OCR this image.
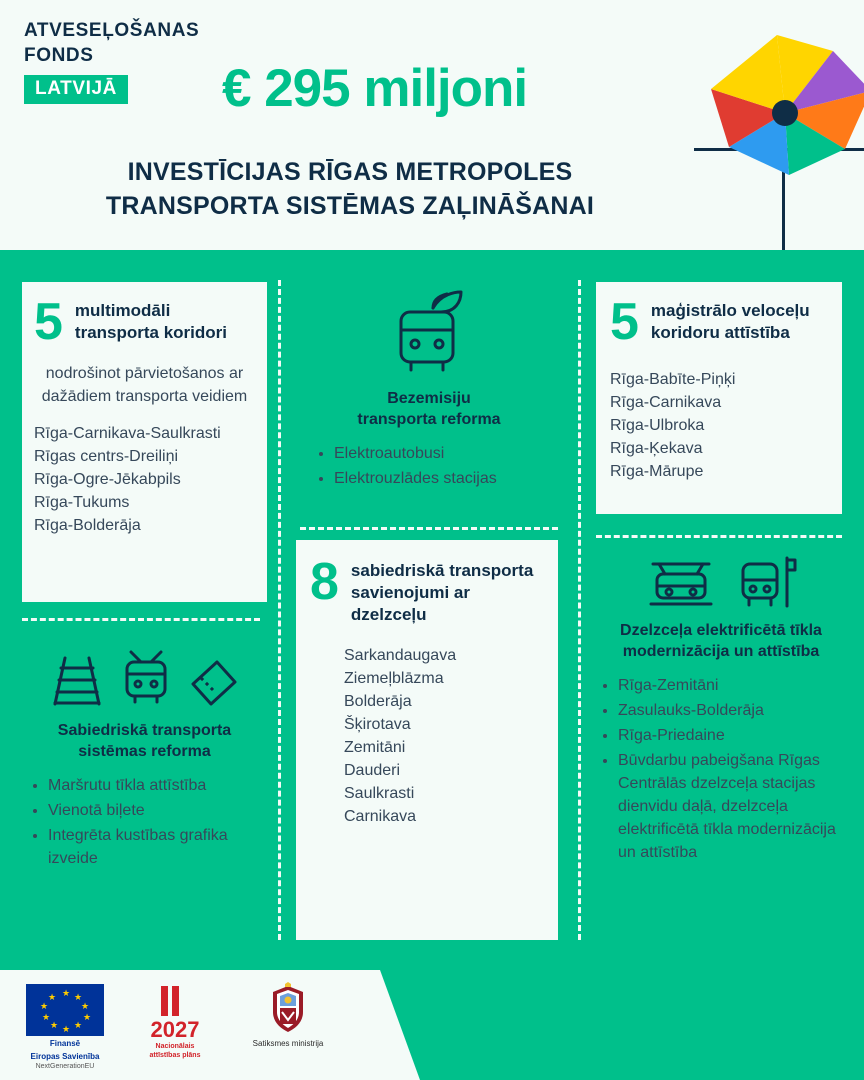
ATVESEĻOŠANAS
FONDS
LATVIJĀ	€ 295 miljoni
INVESTĪCIJAS RĪGAS METROPOLES
TRANSPORTA SISTĒMAS ZAĻINĀŠANAI
5 multimodāli transporta koridori
nodrošinot pārvietošanos ar dažādiem transporta veidiem
Rīga-Carnikava-Saulkrasti
Rīgas centrs-Dreiliņi
Rīga-Ogre-Jēkabpils
Rīga-Tukums
Rīga-Bolderāja
Sabiedriskā transporta sistēmas reforma
• Maršrutu tīkla attīstība
• Vienotā biļete
• Integrēta kustības grafika izveide
Bezemisiju
transporta reforma
• Elektroautobusi
• Elektrouzlādes stacijas
8 sabiedriskā transporta savienojumi ar dzelzceļu
Sarkandaugava
Ziemeļblāzma
Bolderāja
Šķirotava
Zemitāni
Dauderi
Saulkrasti
Carnikava
5 maģistrālo veloceļu koridoru attīstība
Rīga-Babīte-Piņķi
Rīga-Carnikava
Rīga-Ulbroka
Rīga-Ķekava
Rīga-Mārupe
Dzelzceļa elektrificētā tīkla modernizācija un attīstība
• Rīga-Zemitāni
• Zasulauks-Bolderāja
• Rīga-Priedaine
• Būvdarbu pabeigšana Rīgas Centrālās dzelzceļa stacijas dienvidu daļā, dzelzceļa elektrificētā tīkla modernizācija un attīstība
★ ★
★
★
★
★
★
★
★
★
Finansē
Eiropas Savienība
NextGenerationEU
2027
Nacionālais
attīstības plāns
Satiksmes ministrija
